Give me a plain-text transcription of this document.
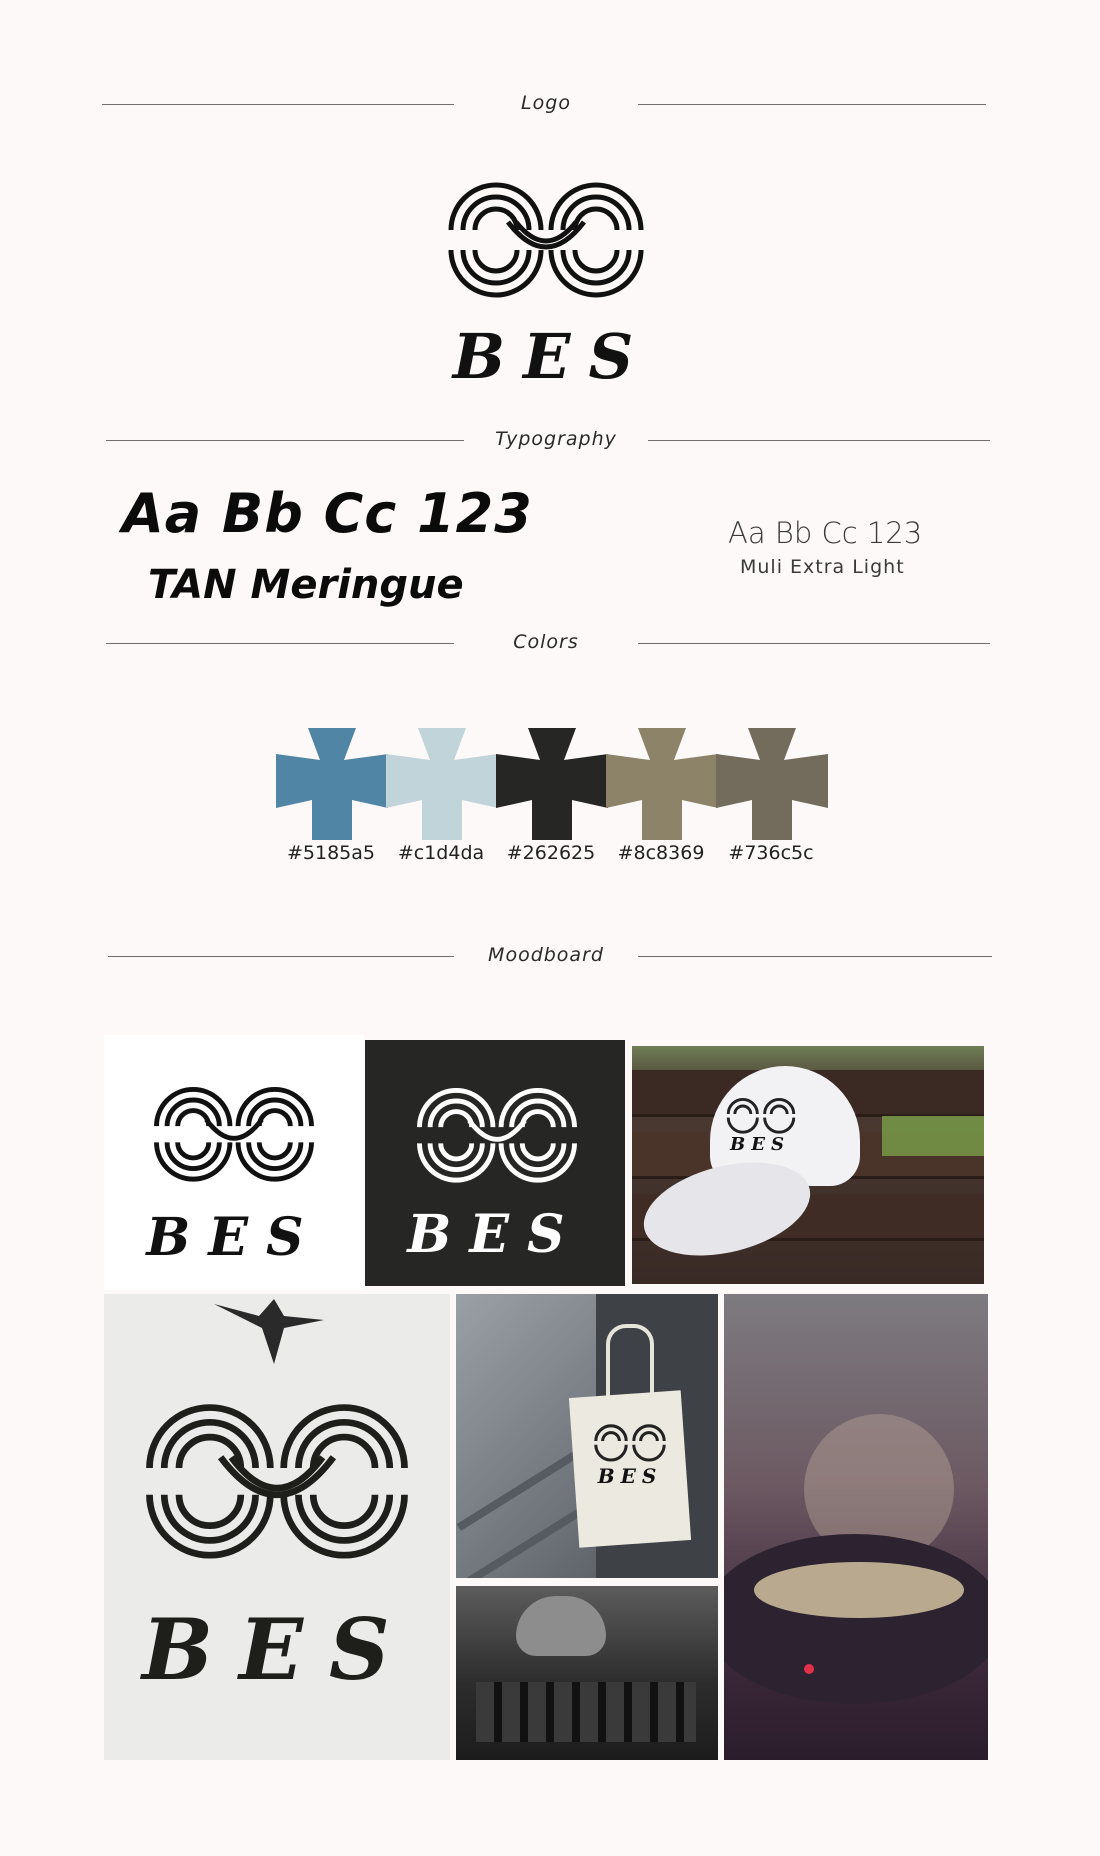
Logo
BES
Typography
Aa Bb Cc 123
TAN Meringue
Aa Bb Cc 123
Muli Extra Light
Colors
#5185a5	#c1d4da	#262625	#8c8369	#736c5c
Moodboard
BES BES
BES
BES
BES
